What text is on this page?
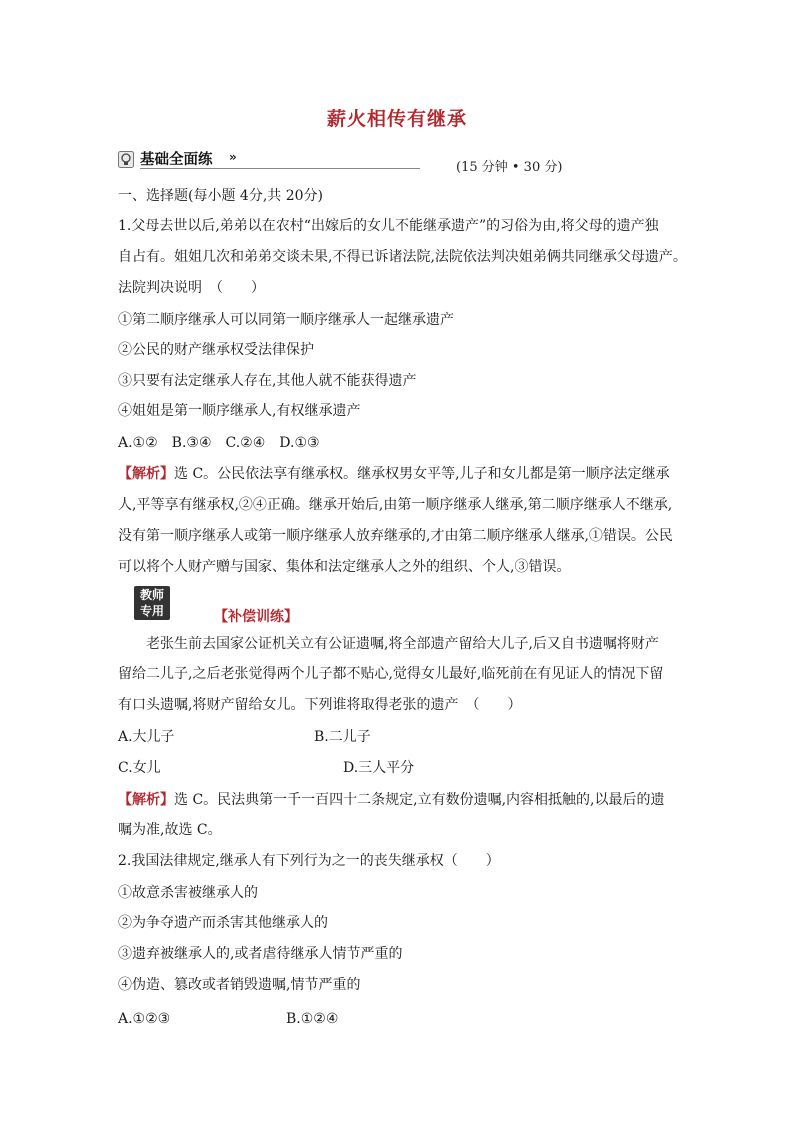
薪火相传有继承
基础全面练 »
(15 分钟 • 30 分)
一、选择题(每小题 4分,共 20分)
1.父母去世以后,弟弟以在农村“出嫁后的女儿不能继承遗产”的习俗为由,将父母的遗产独
自占有。姐姐几次和弟弟交谈未果,不得已诉诸法院,法院依法判决姐弟俩共同继承父母遗产。
法院判决说明　（　　）
①第二顺序继承人可以同第一顺序继承人一起继承遗产
②公民的财产继承权受法律保护
③只要有法定继承人存在,其他人就不能获得遗产
④姐姐是第一顺序继承人,有权继承遗产
A.①②　B.③④　C.②④　D.①③
【解析】选 C。公民依法享有继承权。继承权男女平等,儿子和女儿都是第一顺序法定继承
人,平等享有继承权,②④正确。继承开始后,由第一顺序继承人继承,第二顺序继承人不继承,
没有第一顺序继承人或第一顺序继承人放弃继承的,才由第二顺序继承人继承,①错误。公民
可以将个人财产赠与国家、集体和法定继承人之外的组织、个人,③错误。
教师
专用	【补偿训练】
老张生前去国家公证机关立有公证遗嘱,将全部遗产留给大儿子,后又自书遗嘱将财产
留给二儿子,之后老张觉得两个儿子都不贴心,觉得女儿最好,临死前在有见证人的情况下留
有口头遗嘱,将财产留给女儿。下列谁将取得老张的遗产　（　　）
A.大儿子	B.二儿子
C.女儿	D.三人平分
【解析】选 C。民法典第一千一百四十二条规定,立有数份遗嘱,内容相抵触的,以最后的遗
嘱为准,故选 C。
2.我国法律规定,继承人有下列行为之一的丧失继承权（　　）
①故意杀害被继承人的
②为争夺遗产而杀害其他继承人的
③遗弃被继承人的,或者虐待继承人情节严重的
④伪造、篡改或者销毁遗嘱,情节严重的
A.①②③	B.①②④
